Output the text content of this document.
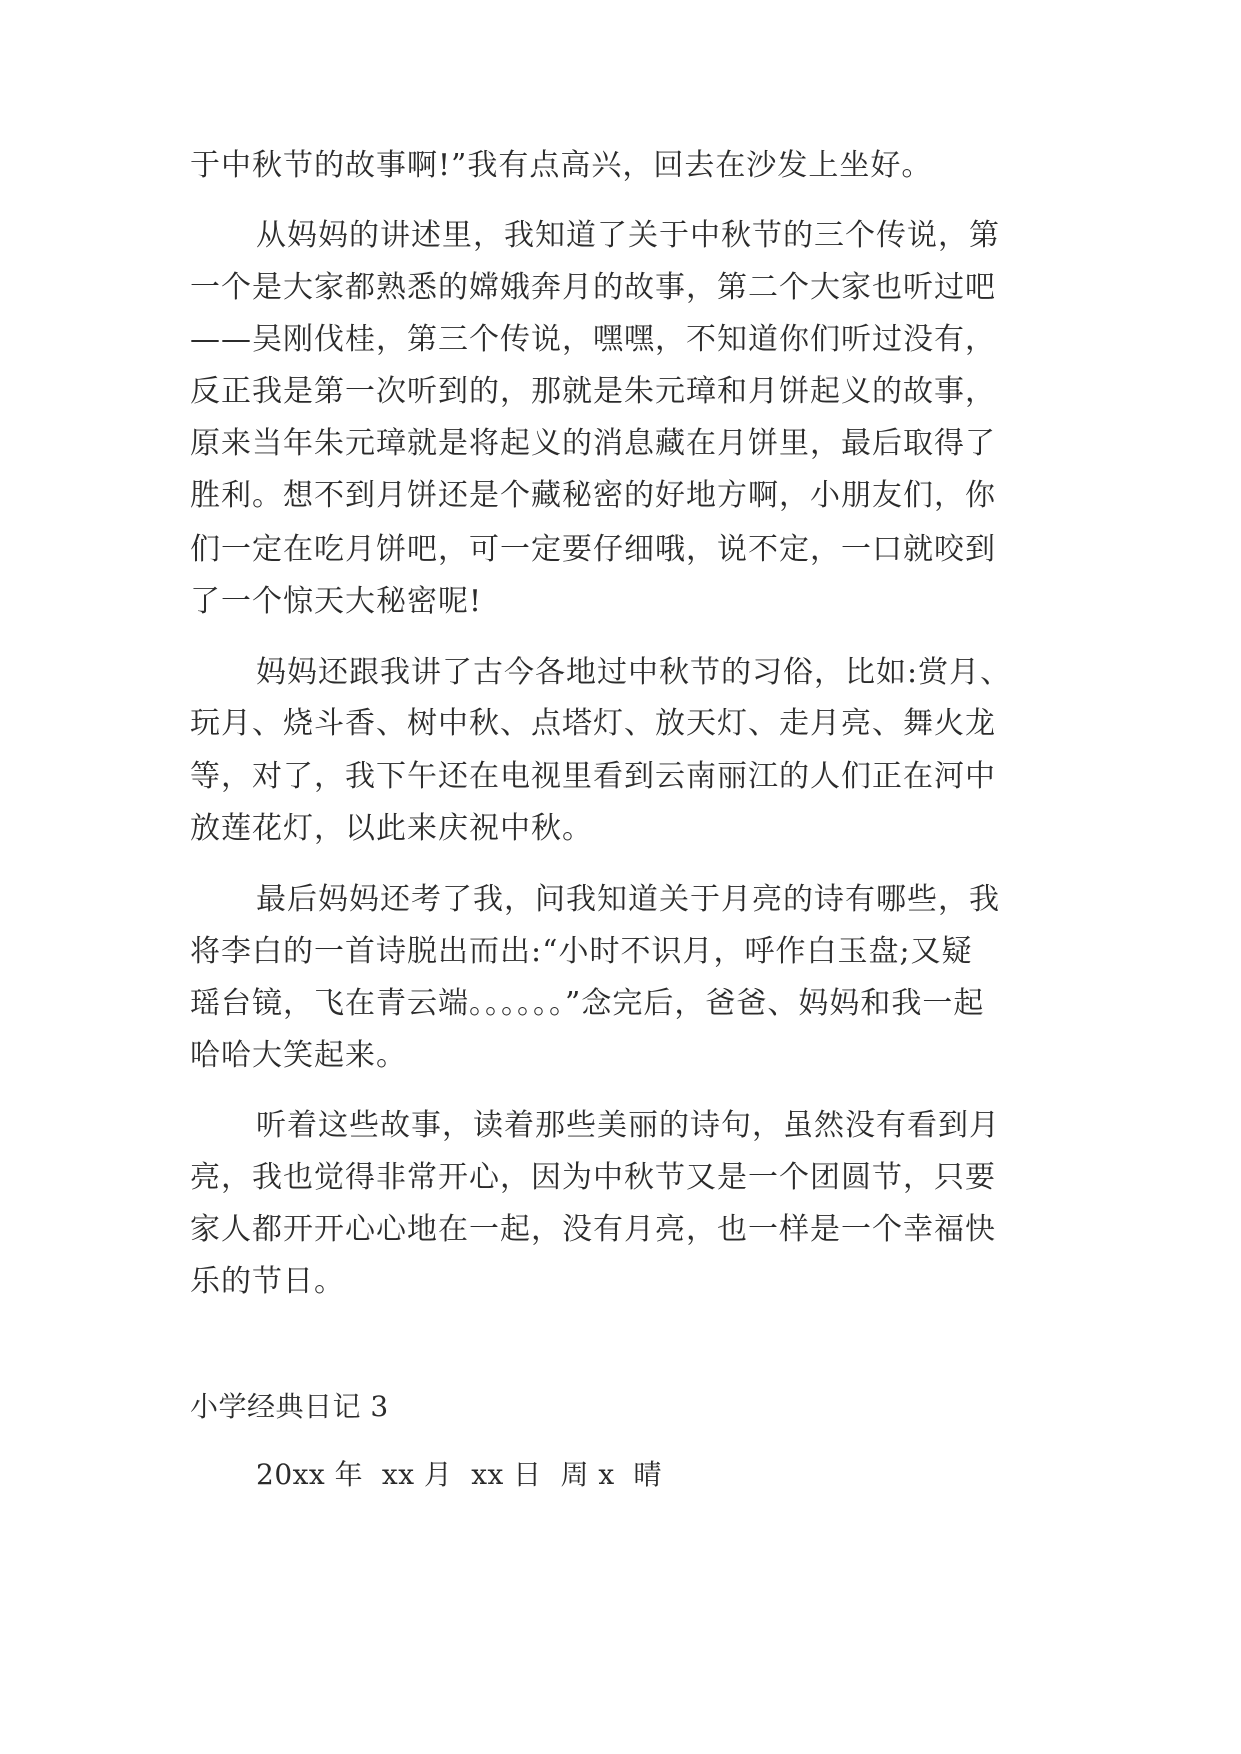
于中秋节的故事啊!”我有点高兴，回去在沙发上坐好。
从妈妈的讲述里，我知道了关于中秋节的三个传说，第
一个是大家都熟悉的嫦娥奔月的故事，第二个大家也听过吧
——吴刚伐桂，第三个传说，嘿嘿，不知道你们听过没有，
反正我是第一次听到的，那就是朱元璋和月饼起义的故事，
原来当年朱元璋就是将起义的消息藏在月饼里，最后取得了
胜利。想不到月饼还是个藏秘密的好地方啊，小朋友们，你
们一定在吃月饼吧，可一定要仔细哦，说不定，一口就咬到
了一个惊天大秘密呢!
妈妈还跟我讲了古今各地过中秋节的习俗，比如:赏月、
玩月、烧斗香、树中秋、点塔灯、放天灯、走月亮、舞火龙
等，对了，我下午还在电视里看到云南丽江的人们正在河中
放莲花灯，以此来庆祝中秋。
最后妈妈还考了我，问我知道关于月亮的诗有哪些，我
将李白的一首诗脱出而出:“小时不识月，呼作白玉盘;又疑
瑶台镜，飞在青云端。。。。。。”念完后，爸爸、妈妈和我一起
哈哈大笑起来。
听着这些故事，读着那些美丽的诗句，虽然没有看到月
亮，我也觉得非常开心，因为中秋节又是一个团圆节，只要
家人都开开心心地在一起，没有月亮，也一样是一个幸福快
乐的节日。
小学经典日记 3
20xx 年  xx 月  xx 日  周 x  晴
